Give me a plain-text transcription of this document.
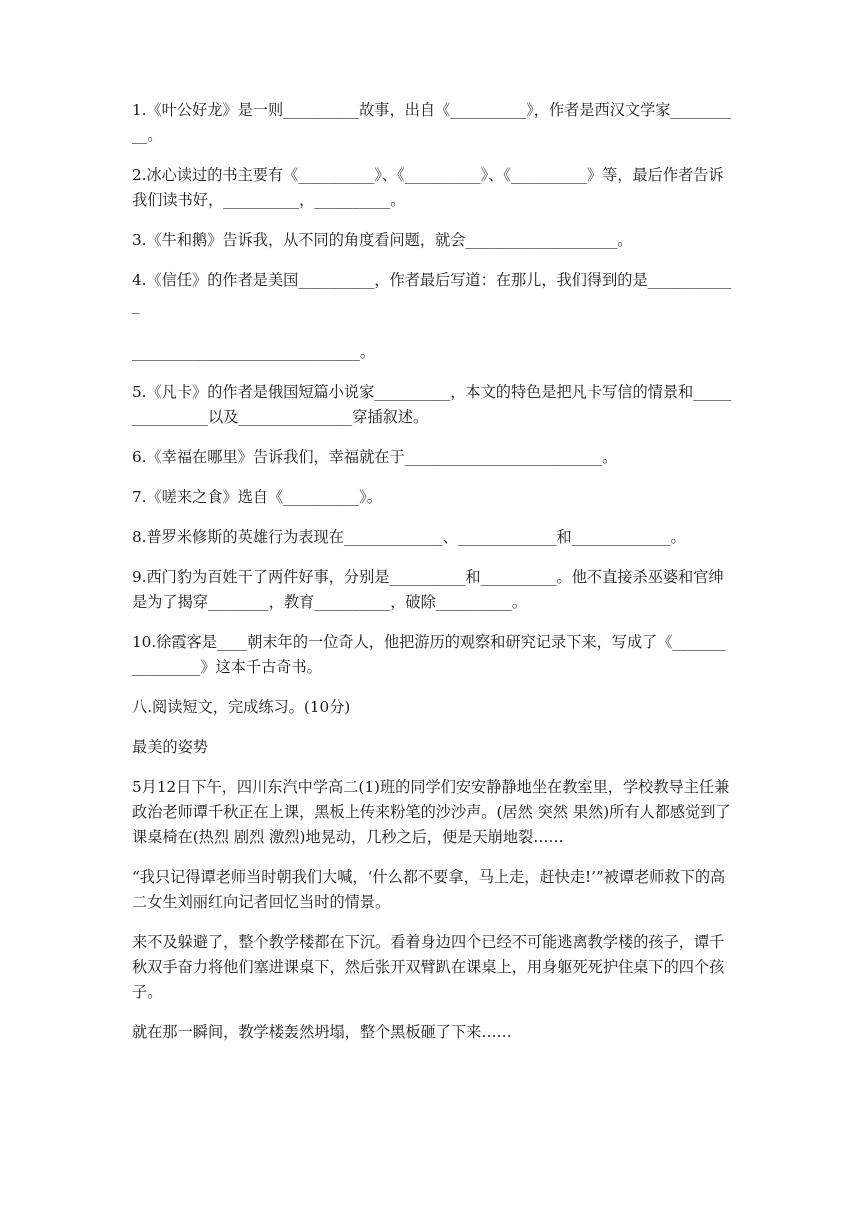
1.《叶公好龙》是一则__________故事，出自《__________》，作者是西汉文学家__________。

2.冰心读过的书主要有《__________》、《__________》、《__________》等，最后作者告诉我们读书好，__________，__________。

3.《牛和鹅》告诉我，从不同的角度看问题，就会____________________。

4.《信任》的作者是美国__________，作者最后写道：在那儿，我们得到的是____________

______________________________。

5.《凡卡》的作者是俄国短篇小说家__________，本文的特色是把凡卡写信的情景和_______________以及_______________穿插叙述。

6.《幸福在哪里》告诉我们，幸福就在于__________________________。

7.《嗟来之食》选自《__________》。

8.普罗米修斯的英雄行为表现在_____________、_____________和_____________。

9.西门豹为百姓干了两件好事，分别是__________和__________。他不直接杀巫婆和官绅是为了揭穿________，教育__________，破除__________。

10.徐霞客是____朝末年的一位奇人，他把游历的观察和研究记录下来，写成了《________________》这本千古奇书。

八.阅读短文，完成练习。(10分)

最美的姿势

5月12日下午，四川东汽中学高二(1)班的同学们安安静静地坐在教室里，学校教导主任兼政治老师谭千秋正在上课，黑板上传来粉笔的沙沙声。(居然 突然 果然)所有人都感觉到了课桌椅在(热烈 剧烈 激烈)地晃动，几秒之后，便是天崩地裂……

“我只记得谭老师当时朝我们大喊，‘什么都不要拿，马上走，赶快走!’”被谭老师救下的高二女生刘丽红向记者回忆当时的情景。

来不及躲避了，整个教学楼都在下沉。看着身边四个已经不可能逃离教学楼的孩子，谭千秋双手奋力将他们塞进课桌下，然后张开双臂趴在课桌上，用身躯死死护住桌下的四个孩子。

就在那一瞬间，教学楼轰然坍塌，整个黑板砸了下来……
